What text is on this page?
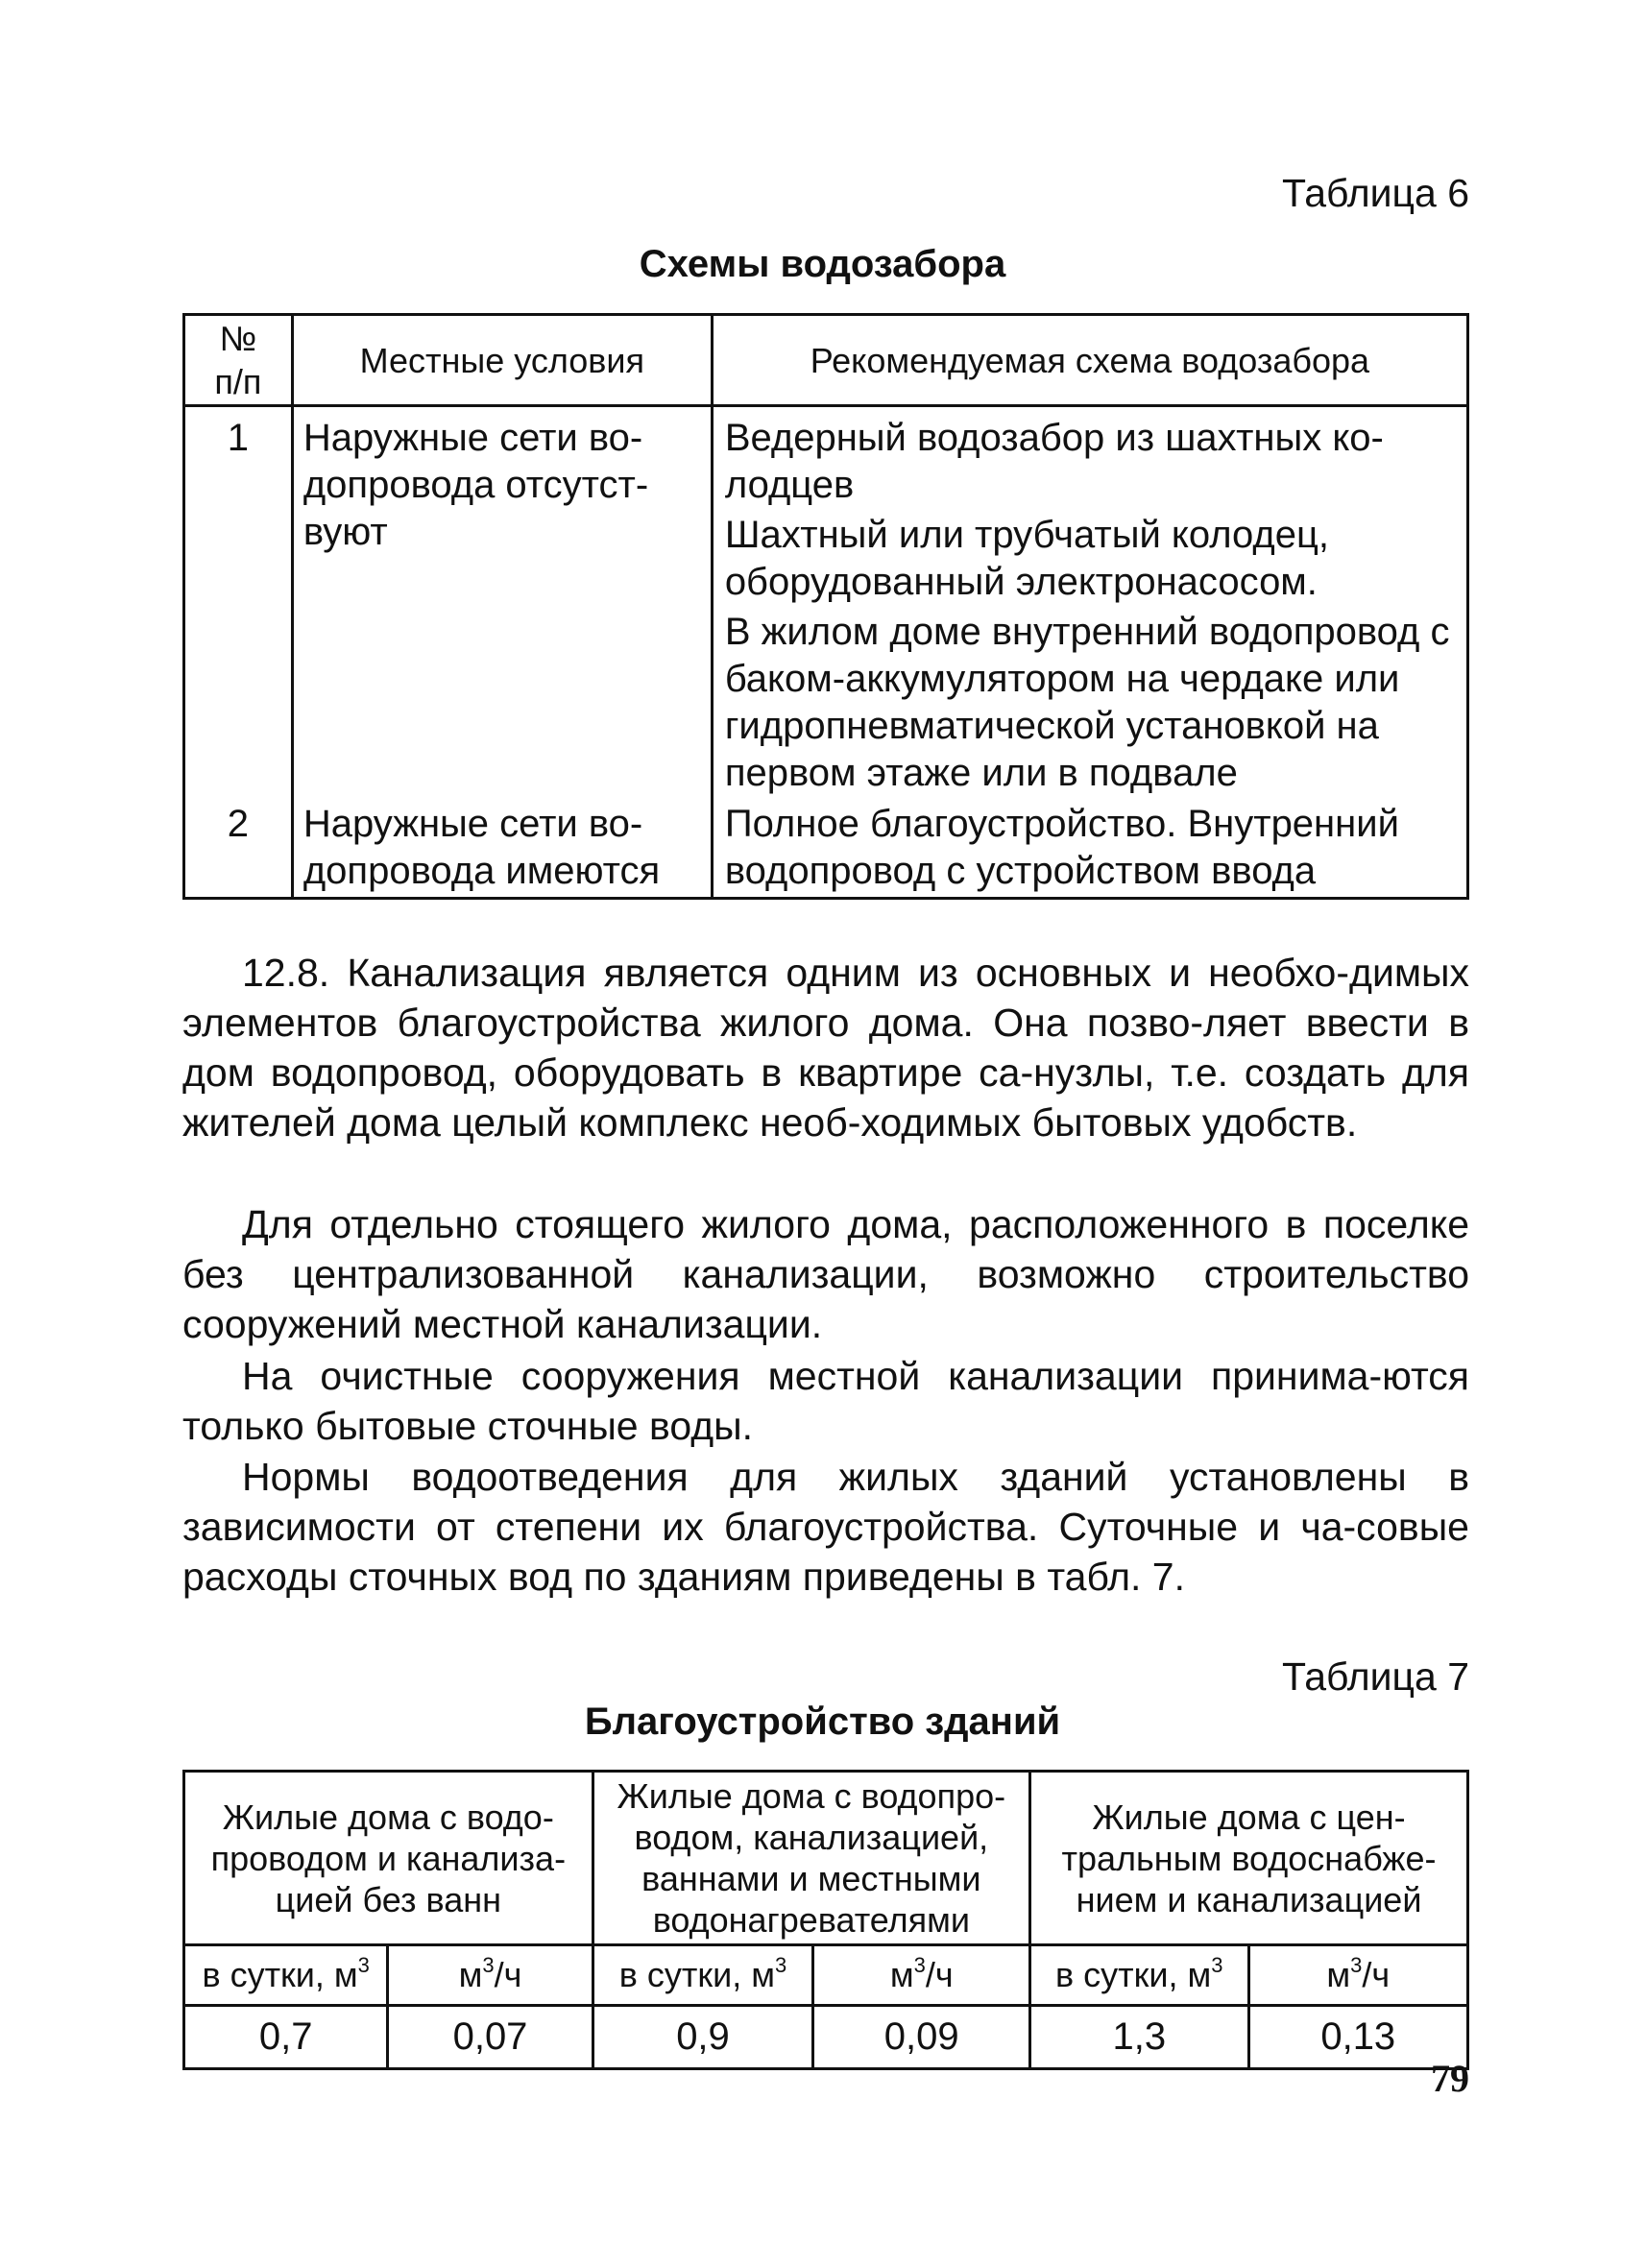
Таблица 6
Схемы водозабора
№ п/п	Местные условия	Рекомендуемая схема водозабора
1	Наружные сети во-допровода отсутст-вуют	Ведерный водозабор из шахтных ко-лодцев

Шахтный или трубчатый колодец, оборудованный электронасосом.

В жилом доме внутренний водопровод с баком-аккумулятором на чердаке или гидропневматической установкой на первом этаже или в подвале

2	Наружные сети во-допровода имеются	Полное благоустройство. Внутренний водопровод с устройством ввода

12.8. Канализация является одним из основных и необхо-димых элементов благоустройства жилого дома. Она позво-ляет ввести в дом водопровод, оборудовать в квартире са-нузлы, т.е. создать для жителей дома целый комплекс необ-ходимых бытовых удобств.

Для отдельно стоящего жилого дома, расположенного в поселке без централизованной канализации, возможно строительство сооружений местной канализации.

На очистные сооружения местной канализации принима-ются только бытовые сточные воды.

Нормы водоотведения для жилых зданий установлены в зависимости от степени их благоустройства. Суточные и ча-совые расходы сточных вод по зданиям приведены в табл. 7.

Таблица 7
Благоустройство зданий
Жилые дома с водо-проводом и канализа-цией без ванн		Жилые дома с водопро-водом, канализацией, ваннами и местными водонагревателями		Жилые дома с цен-тральным водоснабже-нием и канализацией	
в сутки, $м^3$	$м^3/ч$	в сутки, $м^3$	$м^3/ч$	в сутки, $м^3$	$м^3/ч$
0,7	0,07	0,9	0,09	1,3	0,13
79
